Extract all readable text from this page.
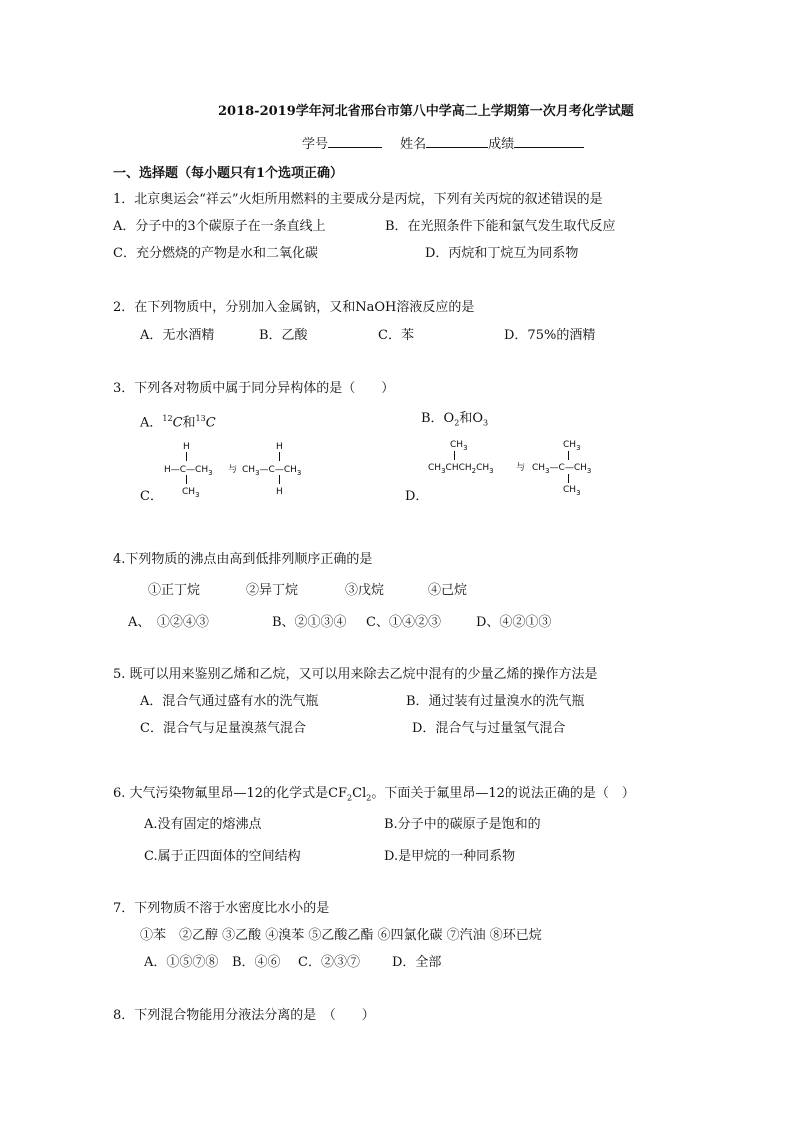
2018-2019学年河北省邢台市第八中学高二上学期第一次月考化学试题
学号	姓名	成绩
一、选择题（每小题只有1个选项正确）
1．北京奥运会“祥云”火炬所用燃料的主要成分是丙烷，下列有关丙烷的叙述错误的是
A．分子中的3个碳原子在一条直线上	B．在光照条件下能和氯气发生取代反应
C．充分燃烧的产物是水和二氧化碳	D．丙烷和丁烷互为同系物
2．在下列物质中，分别加入金属钠，又和NaOH溶液反应的是
A．无水酒精	B．乙酸	C．苯	D．75%的酒精
3．下列各对物质中属于同分异构体的是（　　）
A．$^{12}$C和$^{13}$C	B．$O_2$和$O_3$
H
$H—C—CH_3$
$CH_3$
与
H
$CH_3—C—CH_3$
H
C．
$CH_3$
$CH_3CHCH_2CH_3$ 与
$CH_3$
$CH_3—C—CH_3$
$CH_3$
D．
4.下列物质的沸点由高到低排列顺序正确的是
①正丁烷	②异丁烷	③戊烷	④己烷
A、　①②④③	B、②①③④ C、①④②③	D、④②①③
5. 既可以用来鉴别乙烯和乙烷，又可以用来除去乙烷中混有的少量乙烯的操作方法是
A．混合气通过盛有水的洗气瓶	B．通过装有过量溴水的洗气瓶
C．混合气与足量溴蒸气混合	D．混合气与过量氢气混合
6. 大气污染物氟里昂—12的化学式是$CF_2Cl_2$。下面关于氟里昂—12的说法正确的是（　）
A.没有固定的熔沸点	B.分子中的碳原子是饱和的
C.属于正四面体的空间结构	D.是甲烷的一种同系物
7．下列物质不溶于水密度比水小的是
①苯　②乙醇 ③乙酸 ④溴苯 ⑤乙酸乙酯 ⑥四氯化碳 ⑦汽油 ⑧环已烷
A．①⑤⑦⑧ B．④⑥ C．②③⑦ D．全部
8．下列混合物能用分液法分离的是　（　　）
